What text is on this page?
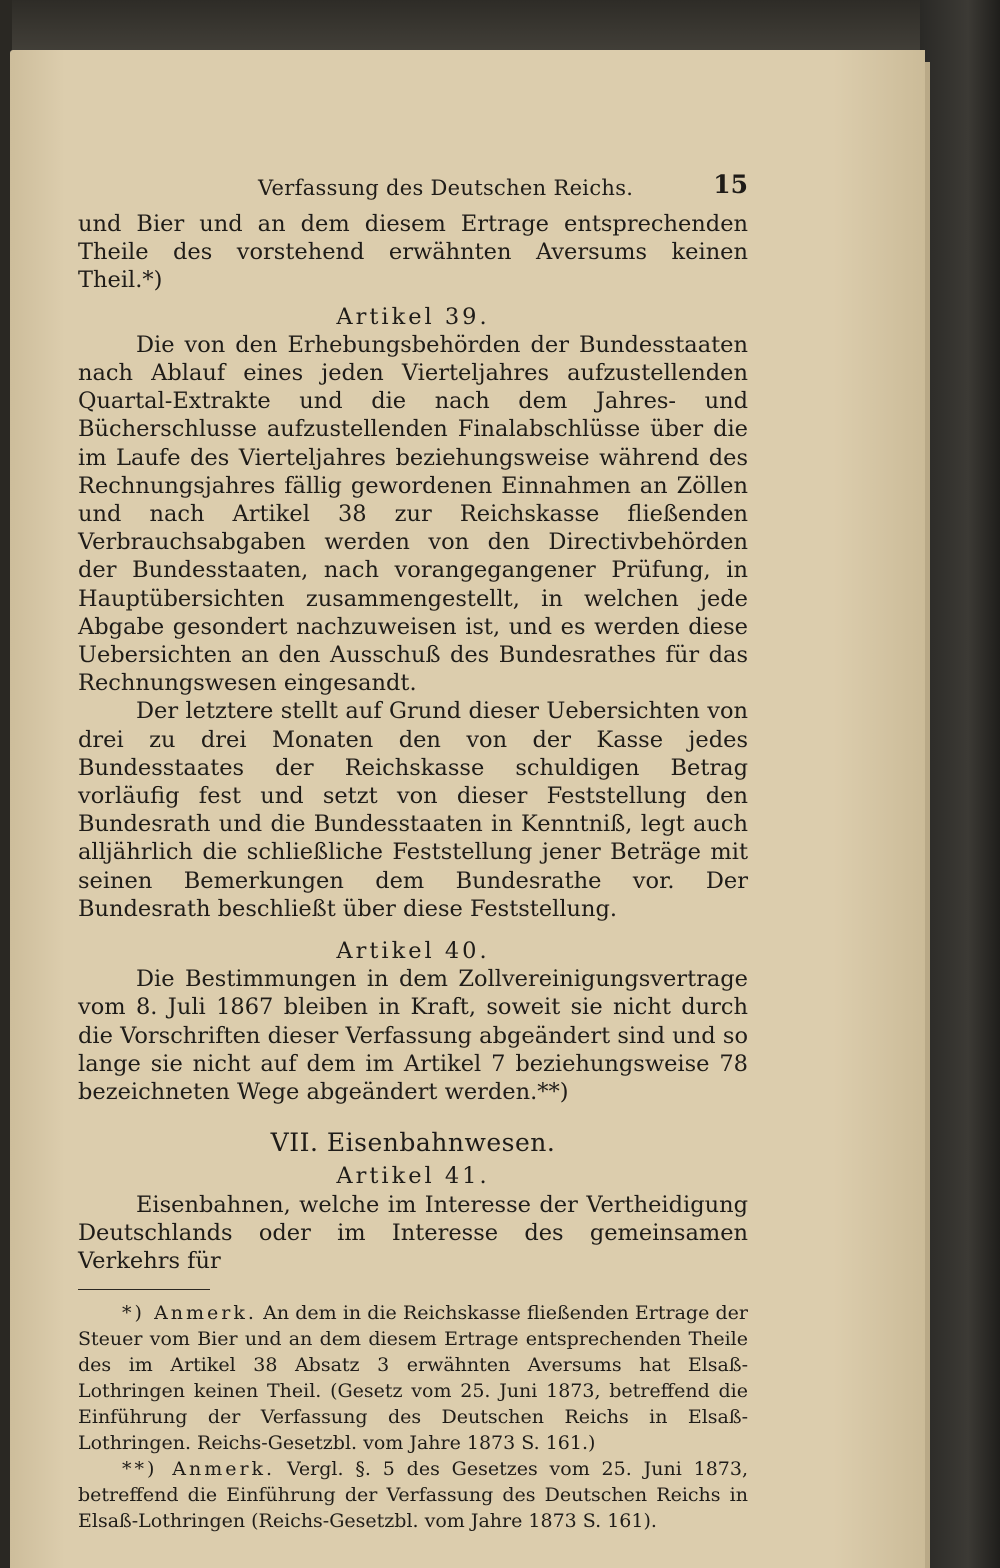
Verfassung des Deutschen Reichs.	15

und Bier und an dem diesem Ertrage entsprechenden Theile des vorstehend erwähnten Aversums keinen Theil.*)

Artikel 39.

Die von den Erhebungsbehörden der Bundesstaaten nach Ablauf eines jeden Vierteljahres aufzustellenden Quartal-Extrakte und die nach dem Jahres- und Bücherschlusse aufzustellenden Finalabschlüsse über die im Laufe des Vierteljahres beziehungsweise während des Rechnungsjahres fällig gewordenen Einnahmen an Zöllen und nach Artikel 38 zur Reichskasse fließenden Verbrauchsabgaben werden von den Directivbehörden der Bundesstaaten, nach vorangegangener Prüfung, in Hauptübersichten zusammengestellt, in welchen jede Abgabe gesondert nachzuweisen ist, und es werden diese Uebersichten an den Ausschuß des Bundesrathes für das Rechnungswesen eingesandt.

Der letztere stellt auf Grund dieser Uebersichten von drei zu drei Monaten den von der Kasse jedes Bundesstaates der Reichskasse schuldigen Betrag vorläufig fest und setzt von dieser Feststellung den Bundesrath und die Bundesstaaten in Kenntniß, legt auch alljährlich die schließliche Feststellung jener Beträge mit seinen Bemerkungen dem Bundesrathe vor. Der Bundesrath beschließt über diese Feststellung.

Artikel 40.

Die Bestimmungen in dem Zollvereinigungsvertrage vom 8. Juli 1867 bleiben in Kraft, soweit sie nicht durch die Vorschriften dieser Verfassung abgeändert sind und so lange sie nicht auf dem im Artikel 7 beziehungsweise 78 bezeichneten Wege abgeändert werden.**)

VII. Eisenbahnwesen.
Artikel 41.

Eisenbahnen, welche im Interesse der Vertheidigung Deutschlands oder im Interesse des gemeinsamen Verkehrs für

*) Anmerk. An dem in die Reichskasse fließenden Ertrage der Steuer vom Bier und an dem diesem Ertrage entsprechenden Theile des im Artikel 38 Absatz 3 erwähnten Aversums hat Elsaß-Lothringen keinen Theil. (Gesetz vom 25. Juni 1873, betreffend die Einführung der Verfassung des Deutschen Reichs in Elsaß-Lothringen. Reichs-Gesetzbl. vom Jahre 1873 S. 161.)

**) Anmerk. Vergl. §. 5 des Gesetzes vom 25. Juni 1873, betreffend die Einführung der Verfassung des Deutschen Reichs in Elsaß-Lothringen (Reichs-Gesetzbl. vom Jahre 1873 S. 161).
